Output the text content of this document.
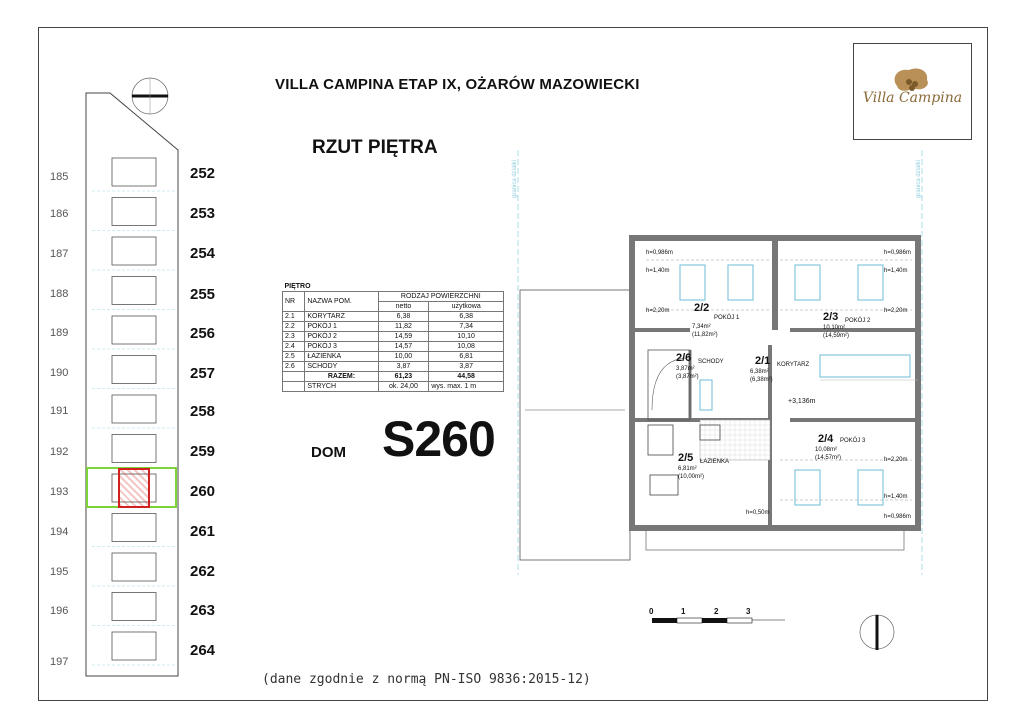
VILLA CAMPINA ETAP IX, OŻARÓW MAZOWIECKI
RZUT PIĘTRA
Villa Campina
PIĘTRO			
NR	NAZWA POM.	RODZAJ POWIERZCHNI	
		netto	użytkowa
2.1	KORYTARZ	6,38	6,38
2.2	POKÓJ 1	11,82	7,34
2.3	POKÓJ 2	14,59	10,10
2.4	POKÓJ 3	14,57	10,08
2.5	ŁAZIENKA	10,00	6,81
2.6	SCHODY	3,87	3,87
	RAZEM:	61,23	44,58
	STRYCH	ok. 24,00	wys. max. 1 m
DOM S260
185
186
187
188
189
190
191
192
193
194
195
196
197
252
253
254
255
256
257
258
259
260
261
262
263
264
granica działki	granica działki
2/2
POKÓJ 1
7,34m²
(11,82m²)
2/3 POKÓJ 2
10,10m²
(14,59m²)
2/6 SCHODY
3,87m²
(3,87m²)
2/1 KORYTARZ
6,38m²
(6,38m²)
+3,136m
2/4 POKÓJ 3
10,08m²
(14,57m²)
2/5 ŁAZIENKA
6,81m²
(10,00m²)
h=0,986m
h=1,40m
h=2,20m	h=2,20m
h=1,40m
h=0,986m
h=2,20m
h=1,40m
h=0,50m
h=0,986m
0	1	2	3
(dane zgodnie z normą PN-ISO 9836:2015-12)
